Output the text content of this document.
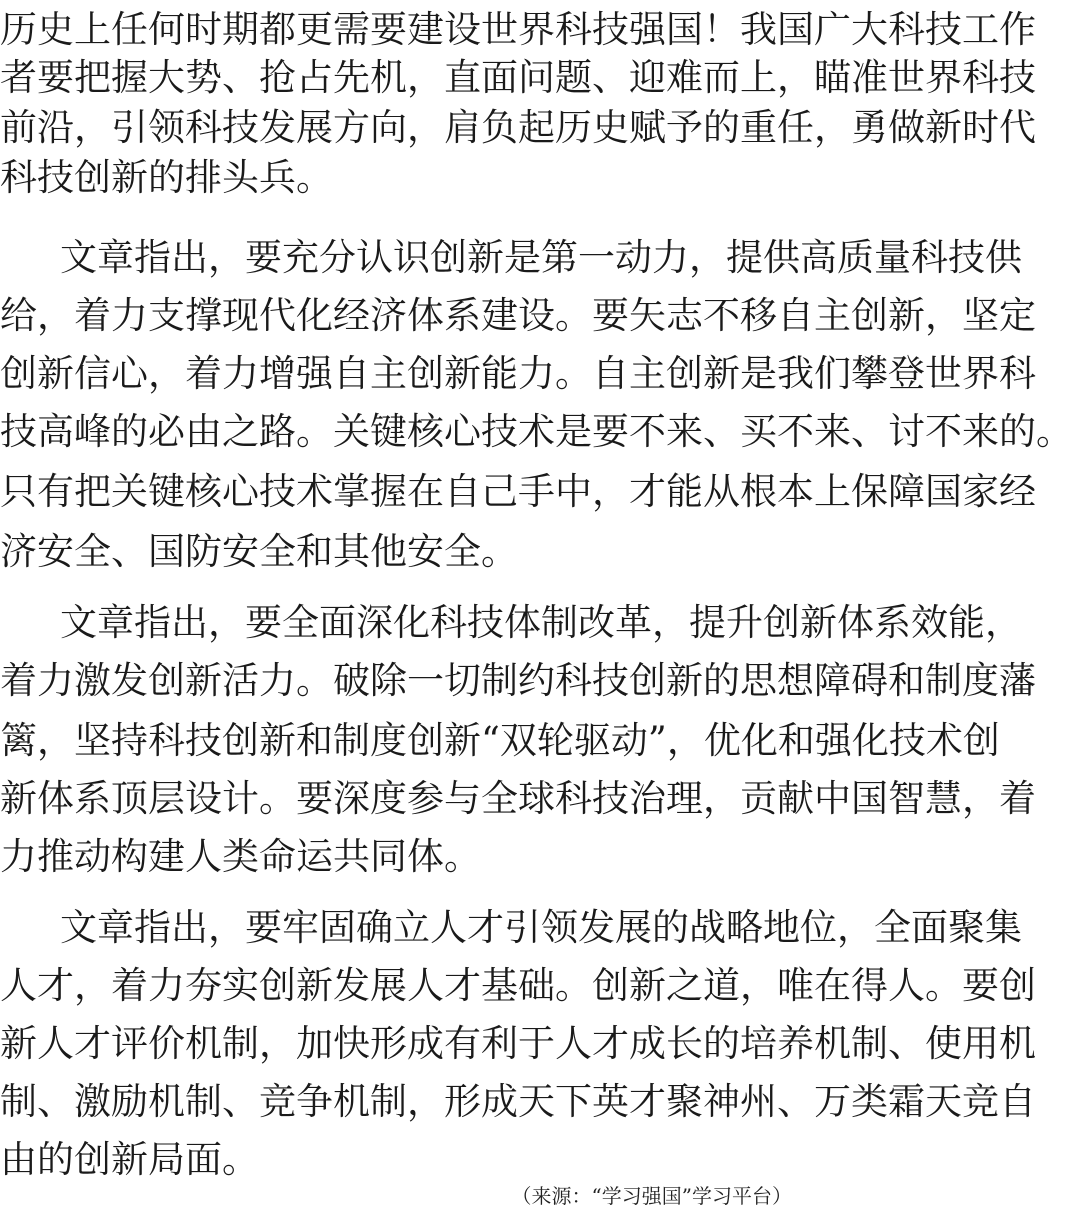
历史上任何时期都更需要建设世界科技强国！我国广大科技工作
者要把握大势、抢占先机，直面问题、迎难而上，瞄准世界科技
前沿，引领科技发展方向，肩负起历史赋予的重任，勇做新时代
科技创新的排头兵。
文章指出，要充分认识创新是第一动力，提供高质量科技供
给，着力支撑现代化经济体系建设。要矢志不移自主创新，坚定
创新信心，着力增强自主创新能力。自主创新是我们攀登世界科
技高峰的必由之路。关键核心技术是要不来、买不来、讨不来的。
只有把关键核心技术掌握在自己手中，才能从根本上保障国家经
济安全、国防安全和其他安全。
文章指出，要全面深化科技体制改革，提升创新体系效能，
着力激发创新活力。破除一切制约科技创新的思想障碍和制度藩
篱，坚持科技创新和制度创新“双轮驱动”，优化和强化技术创
新体系顶层设计。要深度参与全球科技治理，贡献中国智慧，着
力推动构建人类命运共同体。
文章指出，要牢固确立人才引领发展的战略地位，全面聚集
人才，着力夯实创新发展人才基础。创新之道，唯在得人。要创
新人才评价机制，加快形成有利于人才成长的培养机制、使用机
制、激励机制、竞争机制，形成天下英才聚神州、万类霜天竞自
由的创新局面。
（来源：“学习强国”学习平台）
